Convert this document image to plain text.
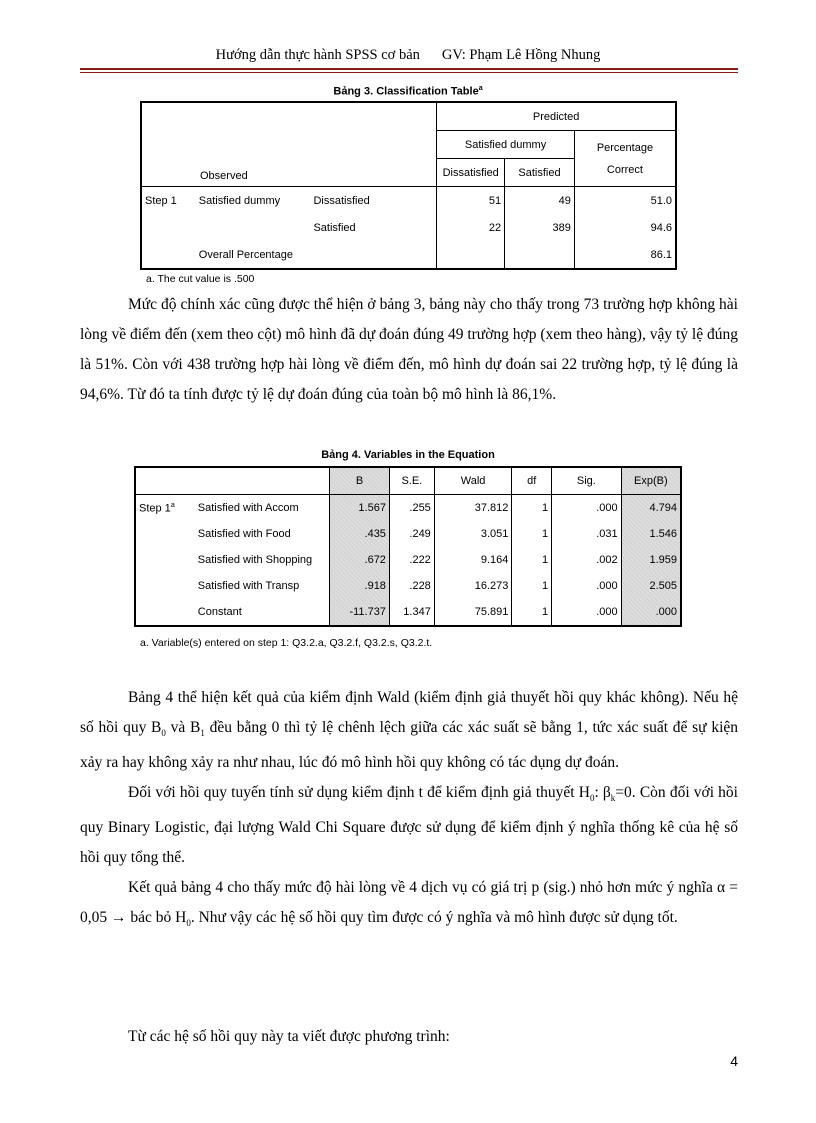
Hướng dẫn thực hành SPSS cơ bản GV: Phạm Lê Hồng Nhung
Bảng 3. Classification Table$^a$
Observed			Predicted		
			Satisfied dummy		Percentage
Correct
			Dissatisfied	Satisfied	
Step 1	Satisfied dummy	Dissatisfied	51	49	51.0
		Satisfied	22	389	94.6
	Overall Percentage				86.1
a. The cut value is .500

Mức độ chính xác cũng được thể hiện ở bảng 3, bảng này cho thấy trong 73 trường hợp không hài lòng về điểm đến (xem theo cột) mô hình đã dự đoán đúng 49 trường hợp (xem theo hàng), vậy tỷ lệ đúng là 51%. Còn với 438 trường hợp hài lòng về điểm đến, mô hình dự đoán sai 22 trường hợp, tỷ lệ đúng là 94,6%. Từ đó ta tính được tỷ lệ dự đoán đúng của toàn bộ mô hình là 86,1%.

Bảng 4. Variables in the Equation
		B	S.E.	Wald	df	Sig.	Exp(B)
Step 1$^a$	Satisfied with Accom	1.567	.255	37.812	1	.000	4.794
	Satisfied with Food	.435	.249	3.051	1	.031	1.546
	Satisfied with Shopping	.672	.222	9.164	1	.002	1.959
	Satisfied with Transp	.918	.228	16.273	1	.000	2.505
	Constant	-11.737	1.347	75.891	1	.000	.000
a. Variable(s) entered on step 1: Q3.2.a, Q3.2.f, Q3.2.s, Q3.2.t.

Bảng 4 thể hiện kết quả của kiểm định Wald (kiểm định giả thuyết hồi quy khác không). Nếu hệ số hồi quy $B_0$ và $B_1$ đều bằng 0 thì tỷ lệ chênh lệch giữa các xác suất sẽ bằng 1, tức xác suất để sự kiện xảy ra hay không xảy ra như nhau, lúc đó mô hình hồi quy không có tác dụng dự đoán.

Đối với hồi quy tuyến tính sử dụng kiểm định t để kiểm định giả thuyết $H_0$: $\beta_k=0$. Còn đối với hồi quy Binary Logistic, đại lượng Wald Chi Square được sử dụng để kiểm định ý nghĩa thống kê của hệ số hồi quy tổng thể.

Kết quả bảng 4 cho thấy mức độ hài lòng về 4 dịch vụ có giá trị p (sig.) nhỏ hơn mức ý nghĩa α = 0,05 → bác bỏ $H_0$. Như vậy các hệ số hồi quy tìm được có ý nghĩa và mô hình được sử dụng tốt.

Từ các hệ số hồi quy này ta viết được phương trình:

4
